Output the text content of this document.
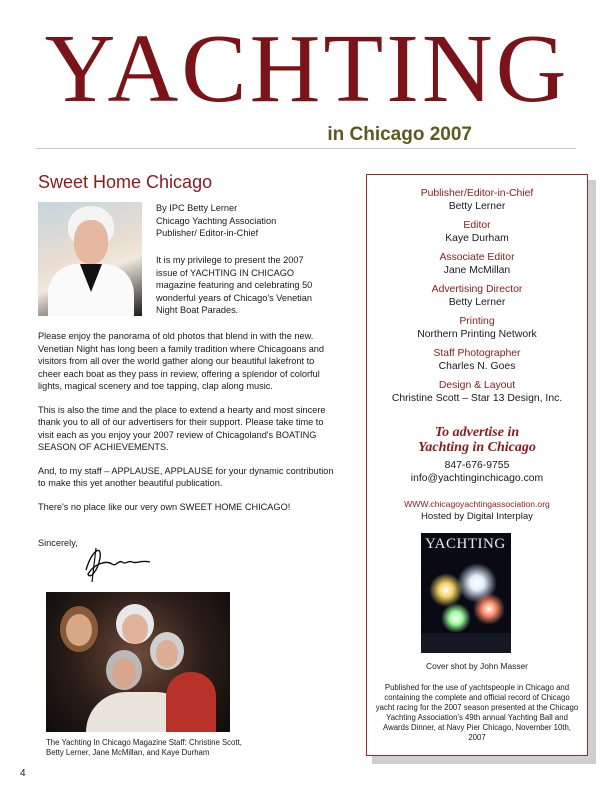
YACHTING
in Chicago 2007
Sweet Home Chicago
By IPC Betty Lerner
Chicago Yachting Association
Publisher/ Editor-in-Chief
It is my privilege to present the 2007 issue of YACHTING IN CHICAGO magazine featuring and celebrating 50 wonderful years of Chicago's Venetian Night Boat Parades.

Please enjoy the panorama of old photos that blend in with the new. Venetian Night has long been a family tradition where Chicagoans and visitors from all over the world gather along our beautiful lakefront to cheer each boat as they pass in review, offering a splendor of colorful lights, magical scenery and toe tapping, clap along music.

This is also the time and the place to extend a hearty and most sincere thank you to all of our advertisers for their support. Please take time to visit each as you enjoy your 2007 review of Chicagoland's BOATING SEASON OF ACHIEVEMENTS.

And, to my staff – APPLAUSE, APPLAUSE for your dynamic contribution to make this yet another beautiful publication.

There's no place like our very own SWEET HOME CHICAGO!

Sincerely,
The Yachting In Chicago Magazine Staff: Christine Scott, Betty Lerner, Jane McMillan, and Kaye Durham
4
Publisher/Editor-in-Chief
Betty Lerner
Editor
Kaye Durham
Associate Editor
Jane McMillan
Advertising Director
Betty Lerner
Printing
Northern Printing Network
Staff Photographer
Charles N. Goes
Design & Layout
Christine Scott – Star 13 Design, Inc.
To advertise in
Yachting in Chicago
847-676-9755
info@yachtinginchicago.com
WWW.chicagoyachtingassociation.org
Hosted by Digital Interplay
YACHTING
Cover shot by John Masser
Published for the use of yachtspeople in Chicago and containing the complete and official record of Chicago yacht racing for the 2007 season presented at the Chicago Yachting Association's 49th annual Yachting Ball and Awards Dinner, at Navy Pier Chicago, November 10th, 2007
